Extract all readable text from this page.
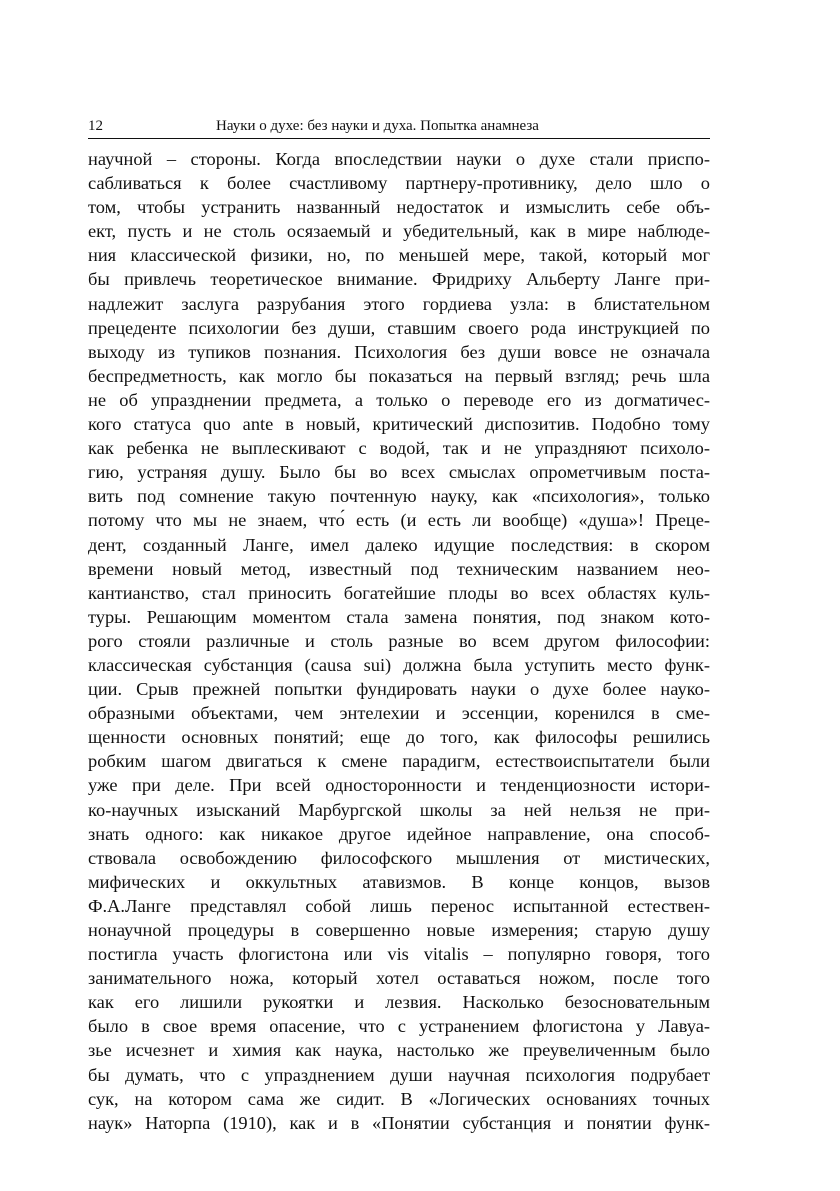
12	Науки о духе: без науки и духа. Попытка анамнеза
научной – стороны. Когда впоследствии науки о духе стали приспо-
сабливаться к более счастливому партнеру-противнику, дело шло о
том, чтобы устранить названный недостаток и измыслить себе объ-
ект, пусть и не столь осязаемый и убедительный, как в мире наблюде-
ния классической физики, но, по меньшей мере, такой, который мог
бы привлечь теоретическое внимание. Фридриху Альберту Ланге при-
надлежит заслуга разрубания этого гордиева узла: в блистательном
прецеденте психологии без души, ставшим своего рода инструкцией по
выходу из тупиков познания. Психология без души вовсе не означала
беспредметность, как могло бы показаться на первый взгляд; речь шла
не об упразднении предмета, а только о переводе его из догматичес-
кого статуса quo ante в новый, критический диспозитив. Подобно тому
как ребенка не выплескивают с водой, так и не упраздняют психоло-
гию, устраняя душу. Было бы во всех смыслах опрометчивым поста-
вить под сомнение такую почтенную науку, как «психология», только
потому что мы не знаем, что́ есть (и есть ли вообще) «душа»! Преце-
дент, созданный Ланге, имел далеко идущие последствия: в скором
времени новый метод, известный под техническим названием нео-
кантианство, стал приносить богатейшие плоды во всех областях куль-
туры. Решающим моментом стала замена понятия, под знаком кото-
рого стояли различные и столь разные во всем другом философии:
классическая субстанция (causa sui) должна была уступить место функ-
ции. Срыв прежней попытки фундировать науки о духе более науко-
образными объектами, чем энтелехии и эссенции, коренился в сме-
щенности основных понятий; еще до того, как философы решились
робким шагом двигаться к смене парадигм, естествоиспытатели были
уже при деле. При всей односторонности и тенденциозности истори-
ко-научных изысканий Марбургской школы за ней нельзя не при-
знать одного: как никакое другое идейное направление, она способ-
ствовала освобождению философского мышления от мистических,
мифических и оккультных атавизмов. В конце концов, вызов
Ф.А.Ланге представлял собой лишь перенос испытанной естествен-
нонаучной процедуры в совершенно новые измерения; старую душу
постигла участь флогистона или vis vitalis – популярно говоря, того
занимательного ножа, который хотел оставаться ножом, после того
как его лишили рукоятки и лезвия. Насколько безосновательным
было в свое время опасение, что с устранением флогистона у Лавуа-
зье исчезнет и химия как наука, настолько же преувеличенным было
бы думать, что с упразднением души научная психология подрубает
сук, на котором сама же сидит. В «Логических основаниях точных
наук» Наторпа (1910), как и в «Понятии субстанция и понятии функ-
